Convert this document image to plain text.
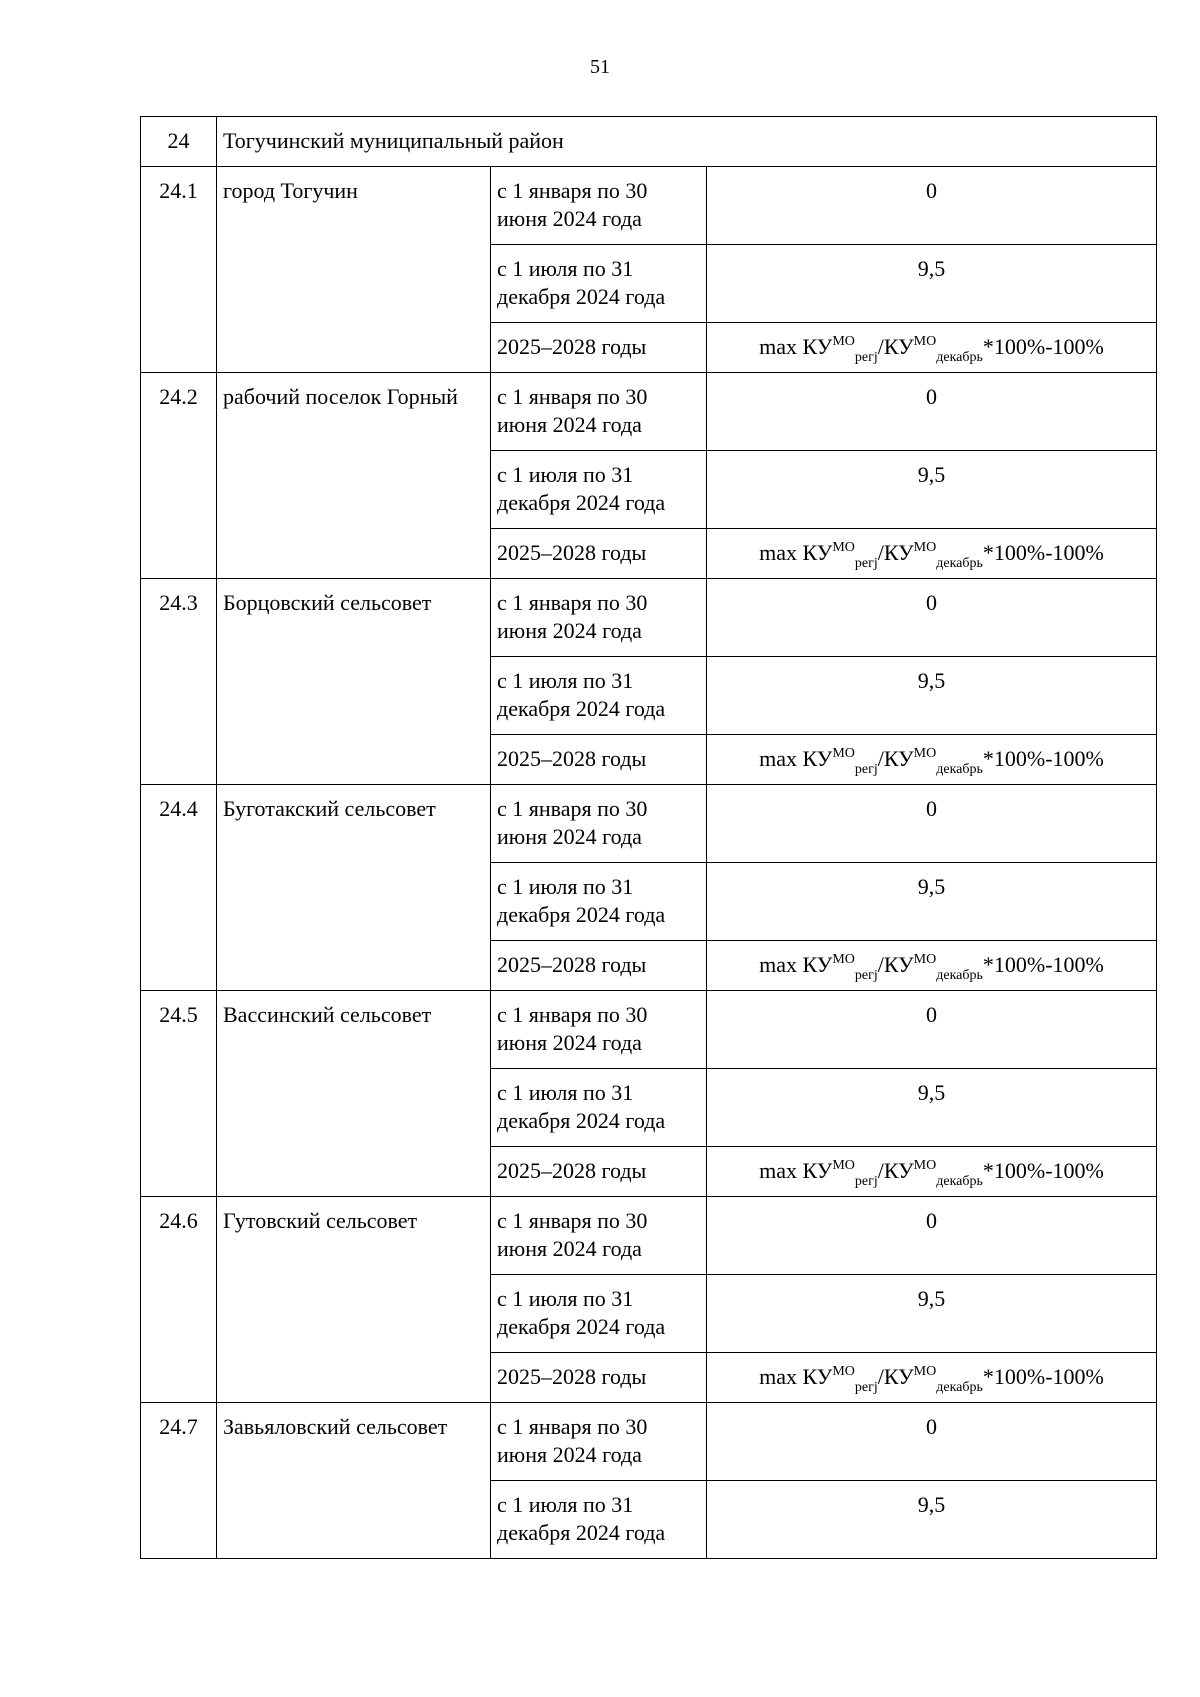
51
24	Тогучинский муниципальный район		

24.1	город Тогучин	с 1 января по 30 июня 2024 года	0

		с 1 июля по 31 декабря 2024 года	9,5

		2025–2028 годы	$\max КУ^{МО}_{регj}/КУ^{МО}_{декабрь}*100\%-100\%$

24.2	рабочий поселок Горный	с 1 января по 30 июня 2024 года	0

		с 1 июля по 31 декабря 2024 года	9,5

		2025–2028 годы	$\max КУ^{МО}_{регj}/КУ^{МО}_{декабрь}*100\%-100\%$

24.3	Борцовский сельсовет	с 1 января по 30 июня 2024 года	0

		с 1 июля по 31 декабря 2024 года	9,5

		2025–2028 годы	$\max КУ^{МО}_{регj}/КУ^{МО}_{декабрь}*100\%-100\%$

24.4	Буготакский сельсовет	с 1 января по 30 июня 2024 года	0

		с 1 июля по 31 декабря 2024 года	9,5

		2025–2028 годы	$\max КУ^{МО}_{регj}/КУ^{МО}_{декабрь}*100\%-100\%$

24.5	Вассинский сельсовет	с 1 января по 30 июня 2024 года	0

		с 1 июля по 31 декабря 2024 года	9,5

		2025–2028 годы	$\max КУ^{МО}_{регj}/КУ^{МО}_{декабрь}*100\%-100\%$

24.6	Гутовский сельсовет	с 1 января по 30 июня 2024 года	0

		с 1 июля по 31 декабря 2024 года	9,5

		2025–2028 годы	$\max КУ^{МО}_{регj}/КУ^{МО}_{декабрь}*100\%-100\%$

24.7	Завьяловский сельсовет	с 1 января по 30 июня 2024 года	0

		с 1 июля по 31 декабря 2024 года	9,5
